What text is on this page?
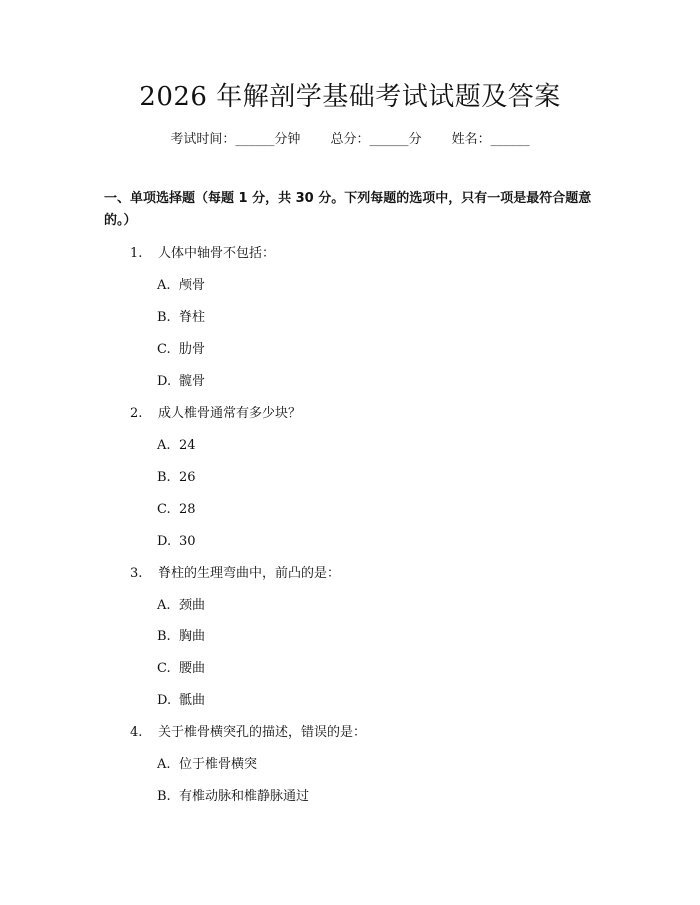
2026 年解剖学基础考试试题及答案
考试时间：______分钟 总分：______分 姓名：______
一、单项选择题（每题 1 分，共 30 分。下列每题的选项中，只有一项是最符合题意的。）
1. 人体中轴骨不包括：
A. 颅骨
B. 脊柱
C. 肋骨
D. 髋骨
2. 成人椎骨通常有多少块？
A. 24
B. 26
C. 28
D. 30
3. 脊柱的生理弯曲中，前凸的是：
A. 颈曲
B. 胸曲
C. 腰曲
D. 骶曲
4. 关于椎骨横突孔的描述，错误的是：
A. 位于椎骨横突
B. 有椎动脉和椎静脉通过
